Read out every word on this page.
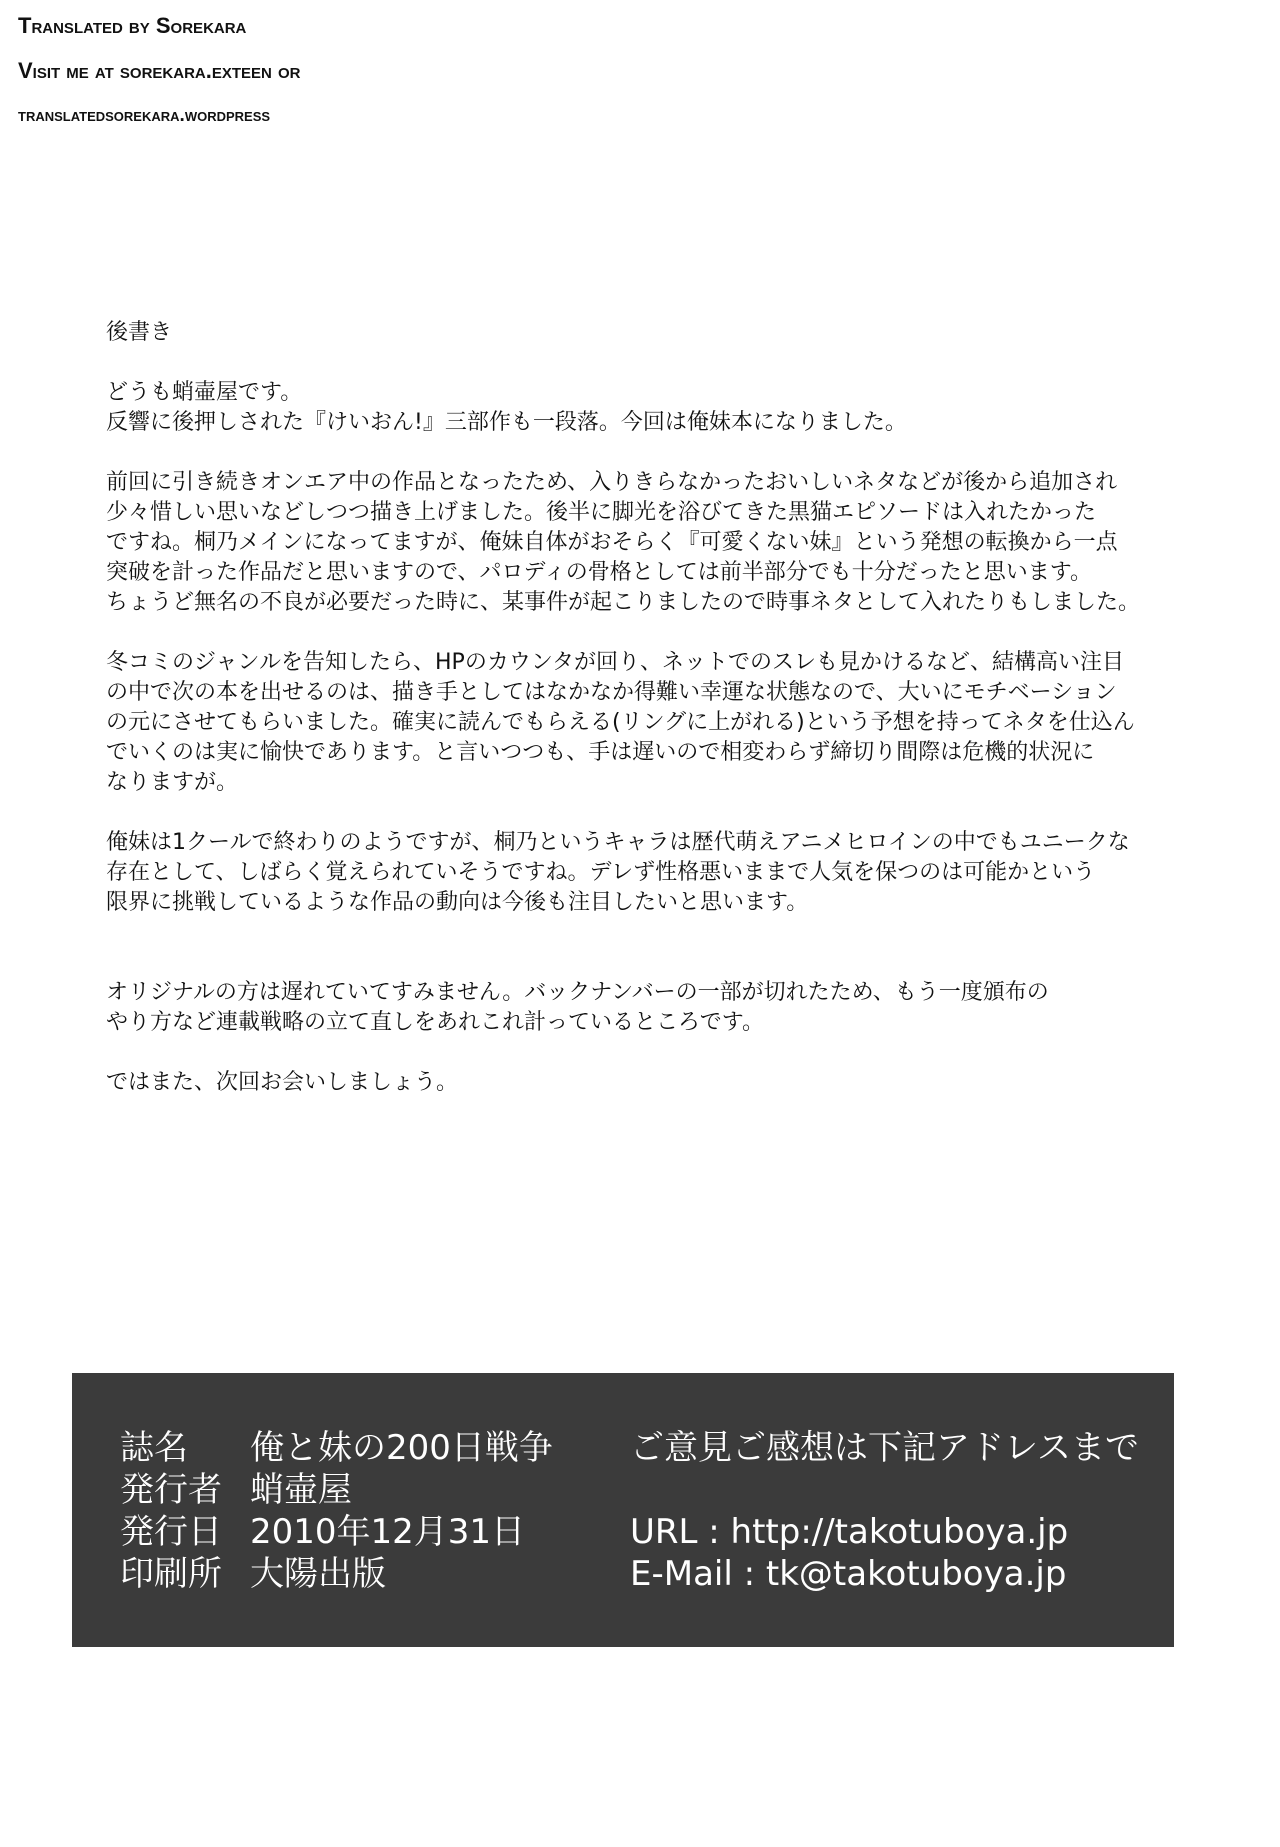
Translated by Sorekara
Visit me at sorekara.exteen or
translatedsorekara.wordpress
後書き
どうも蛸壷屋です。
反響に後押しされた『けいおん!』三部作も一段落。今回は俺妹本になりました。
前回に引き続きオンエア中の作品となったため、入りきらなかったおいしいネタなどが後から追加され
少々惜しい思いなどしつつ描き上げました。後半に脚光を浴びてきた黒猫エピソードは入れたかった
ですね。桐乃メインになってますが、俺妹自体がおそらく『可愛くない妹』という発想の転換から一点
突破を計った作品だと思いますので、パロディの骨格としては前半部分でも十分だったと思います。
ちょうど無名の不良が必要だった時に、某事件が起こりましたので時事ネタとして入れたりもしました。
冬コミのジャンルを告知したら、HPのカウンタが回り、ネットでのスレも見かけるなど、結構高い注目
の中で次の本を出せるのは、描き手としてはなかなか得難い幸運な状態なので、大いにモチベーション
の元にさせてもらいました。確実に読んでもらえる(リングに上がれる)という予想を持ってネタを仕込ん
でいくのは実に愉快であります。と言いつつも、手は遅いので相変わらず締切り間際は危機的状況に
なりますが。
俺妹は1クールで終わりのようですが、桐乃というキャラは歴代萌えアニメヒロインの中でもユニークな
存在として、しばらく覚えられていそうですね。デレず性格悪いままで人気を保つのは可能かという
限界に挑戦しているような作品の動向は今後も注目したいと思います。
オリジナルの方は遅れていてすみません。バックナンバーの一部が切れたため、もう一度頒布の
やり方など連載戦略の立て直しをあれこれ計っているところです。
ではまた、次回お会いしましょう。
誌名	俺と妹の200日戦争
発行者 蛸壷屋
発行日 2010年12月31日
印刷所 大陽出版
ご意見ご感想は下記アドレスまで
URL : http://takotuboya.jp
E-Mail : tk@takotuboya.jp
